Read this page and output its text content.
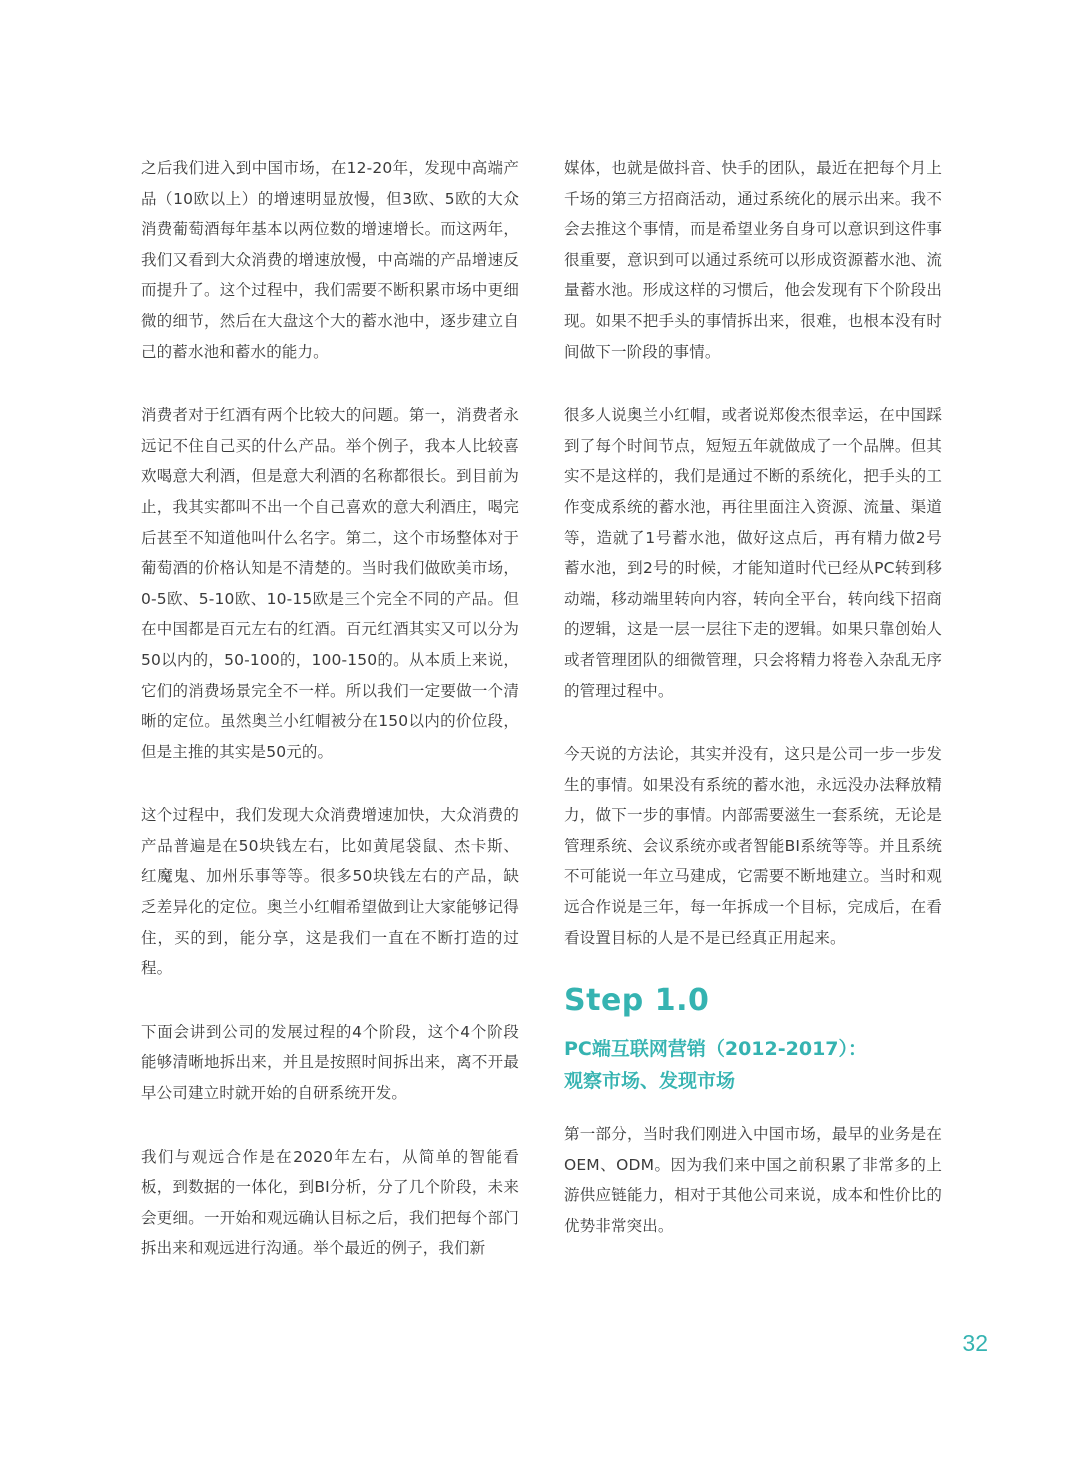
之后我们进入到中国市场，在12-20年，发现中高端产品（10欧以上）的增速明显放慢，但3欧、5欧的大众消费葡萄酒每年基本以两位数的增速增长。而这两年，我们又看到大众消费的增速放慢，中高端的产品增速反而提升了。这个过程中，我们需要不断积累市场中更细微的细节，然后在大盘这个大的蓄水池中，逐步建立自己的蓄水池和蓄水的能力。

消费者对于红酒有两个比较大的问题。第一，消费者永远记不住自己买的什么产品。举个例子，我本人比较喜欢喝意大利酒，但是意大利酒的名称都很长。到目前为止，我其实都叫不出一个自己喜欢的意大利酒庄，喝完后甚至不知道他叫什么名字。第二，这个市场整体对于葡萄酒的价格认知是不清楚的。当时我们做欧美市场，0-5欧、5-10欧、10-15欧是三个完全不同的产品。但在中国都是百元左右的红酒。百元红酒其实又可以分为50以内的，50-100的，100-150的。从本质上来说，它们的消费场景完全不一样。所以我们一定要做一个清晰的定位。虽然奥兰小红帽被分在150以内的价位段，但是主推的其实是50元的。

这个过程中，我们发现大众消费增速加快，大众消费的产品普遍是在50块钱左右，比如黄尾袋鼠、杰卡斯、红魔鬼、加州乐事等等。很多50块钱左右的产品，缺乏差异化的定位。奥兰小红帽希望做到让大家能够记得住，买的到，能分享，这是我们一直在不断打造的过程。

下面会讲到公司的发展过程的4个阶段，这个4个阶段能够清晰地拆出来，并且是按照时间拆出来，离不开最早公司建立时就开始的自研系统开发。

我们与观远合作是在2020年左右，从简单的智能看板，到数据的一体化，到BI分析，分了几个阶段，未来会更细。一开始和观远确认目标之后，我们把每个部门拆出来和观远进行沟通。举个最近的例子，我们新

媒体，也就是做抖音、快手的团队，最近在把每个月上千场的第三方招商活动，通过系统化的展示出来。我不会去推这个事情，而是希望业务自身可以意识到这件事很重要，意识到可以通过系统可以形成资源蓄水池、流量蓄水池。形成这样的习惯后，他会发现有下个阶段出现。如果不把手头的事情拆出来，很难，也根本没有时间做下一阶段的事情。

很多人说奥兰小红帽，或者说郑俊杰很幸运，在中国踩到了每个时间节点，短短五年就做成了一个品牌。但其实不是这样的，我们是通过不断的系统化，把手头的工作变成系统的蓄水池，再往里面注入资源、流量、渠道等，造就了1号蓄水池，做好这点后，再有精力做2号蓄水池，到2号的时候，才能知道时代已经从PC转到移动端，移动端里转向内容，转向全平台，转向线下招商的逻辑，这是一层一层往下走的逻辑。如果只靠创始人或者管理团队的细微管理，只会将精力将卷入杂乱无序的管理过程中。

今天说的方法论，其实并没有，这只是公司一步一步发生的事情。如果没有系统的蓄水池，永远没办法释放精力，做下一步的事情。内部需要滋生一套系统，无论是管理系统、会议系统亦或者智能BI系统等等。并且系统不可能说一年立马建成，它需要不断地建立。当时和观远合作说是三年，每一年拆成一个目标，完成后，在看看设置目标的人是不是已经真正用起来。

Step 1.0
PC端互联网营销（2012-2017）：
观察市场、发现市场

第一部分，当时我们刚进入中国市场，最早的业务是在OEM、ODM。因为我们来中国之前积累了非常多的上游供应链能力，相对于其他公司来说，成本和性价比的优势非常突出。

32
